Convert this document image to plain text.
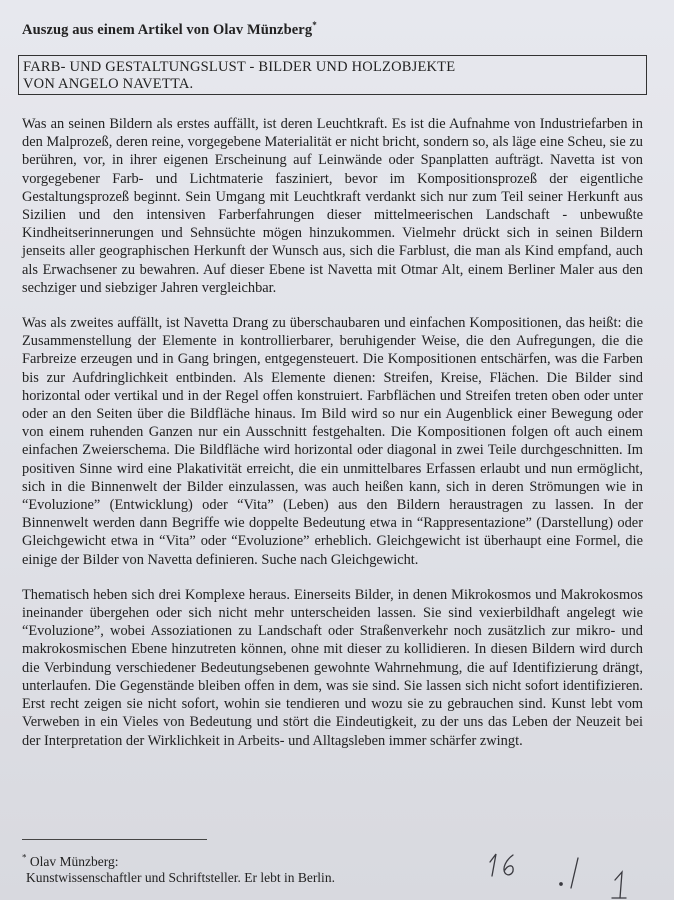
Auszug aus einem Artikel von Olav Münzberg*
FARB- UND GESTALTUNGSLUST - BILDER UND HOLZOBJEKTE
VON ANGELO NAVETTA.

Was an seinen Bildern als erstes auffällt, ist deren Leuchtkraft. Es ist die Aufnahme von Industriefarben in den Malprozeß, deren reine, vorgegebene Materialität er nicht bricht, sondern so, als läge eine Scheu, sie zu berühren, vor, in ihrer eigenen Erscheinung auf Leinwände oder Spanplatten aufträgt. Navetta ist von vorgegebener Farb- und Lichtmaterie fasziniert, bevor im Kompositionsprozeß der eigentliche Gestaltungsprozeß beginnt. Sein Umgang mit Leuchtkraft verdankt sich nur zum Teil seiner Herkunft aus Sizilien und den intensiven Farberfahrungen dieser mittelmeerischen Landschaft - unbewußte Kindheitserinnerungen und Sehnsüchte mögen hinzukommen. Vielmehr drückt sich in seinen Bildern jenseits aller geographischen Herkunft der Wunsch aus, sich die Farblust, die man als Kind empfand, auch als Erwachsener zu bewahren. Auf dieser Ebene ist Navetta mit Otmar Alt, einem Berliner Maler aus den sechziger und siebziger Jahren vergleichbar.

Was als zweites auffällt, ist Navetta Drang zu überschaubaren und einfachen Kompositionen, das heißt: die Zusammenstellung der Elemente in kontrollierbarer, beruhigender Weise, die den Aufregungen, die die Farbreize erzeugen und in Gang bringen, entgegensteuert. Die Kompositionen entschärfen, was die Farben bis zur Aufdringlichkeit entbinden. Als Elemente dienen: Streifen, Kreise, Flächen. Die Bilder sind horizontal oder vertikal und in der Regel offen konstruiert. Farbflächen und Streifen treten oben oder unter oder an den Seiten über die Bildfläche hinaus. Im Bild wird so nur ein Augenblick einer Bewegung oder von einem ruhenden Ganzen nur ein Ausschnitt festgehalten. Die Kompositionen folgen oft auch einem einfachen Zweierschema. Die Bildfläche wird horizontal oder diagonal in zwei Teile durchgeschnitten. Im positiven Sinne wird eine Plakativität erreicht, die ein unmittelbares Erfassen erlaubt und nun ermöglicht, sich in die Binnenwelt der Bilder einzulassen, was auch heißen kann, sich in deren Strömungen wie in “Evoluzione” (Entwicklung) oder “Vita” (Leben) aus den Bildern heraustragen zu lassen. In der Binnenwelt werden dann Begriffe wie doppelte Bedeutung etwa in “Rappresentazione” (Darstellung) oder Gleichgewicht etwa in “Vita” oder “Evoluzione” erheblich. Gleichgewicht ist überhaupt eine Formel, die einige der Bilder von Navetta definieren. Suche nach Gleichgewicht.

Thematisch heben sich drei Komplexe heraus. Einerseits Bilder, in denen Mikrokosmos und Makrokosmos ineinander übergehen oder sich nicht mehr unterscheiden lassen. Sie sind vexierbildhaft angelegt wie “Evoluzione”, wobei Assoziationen zu Landschaft oder Straßenverkehr noch zusätzlich zur mikro- und makrokosmischen Ebene hinzutreten können, ohne mit dieser zu kollidieren. In diesen Bildern wird durch die Verbindung verschiedener Bedeutungsebenen gewohnte Wahrnehmung, die auf Identifizierung drängt, unterlaufen. Die Gegenstände bleiben offen in dem, was sie sind. Sie lassen sich nicht sofort identifizieren. Erst recht zeigen sie nicht sofort, wohin sie tendieren und wozu sie zu gebrauchen sind. Kunst lebt vom Verweben in ein Vieles von Bedeutung und stört die Eindeutigkeit, zu der uns das Leben der Neuzeit bei der Interpretation der Wirklichkeit in Arbeits- und Alltagsleben immer schärfer zwingt.

* Olav Münzberg:
Kunstwissenschaftler und Schriftsteller. Er lebt in Berlin.
